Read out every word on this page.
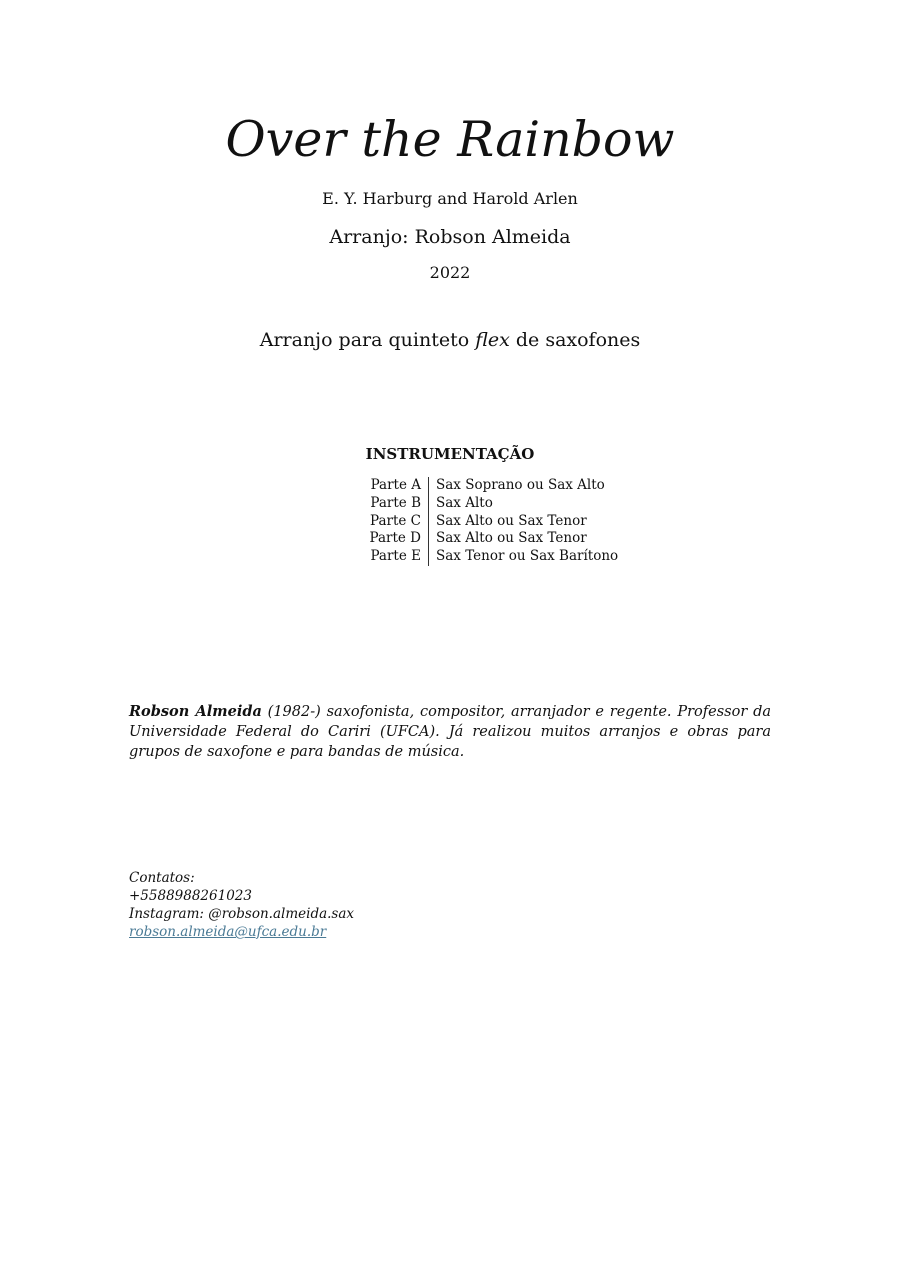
Over the Rainbow
E. Y. Harburg and Harold Arlen
Arranjo: Robson Almeida
2022
Arranjo para quinteto flex de saxofones
INSTRUMENTAÇÃO
Parte A	Sax Soprano ou Sax Alto
Parte B	Sax Alto
Parte C	Sax Alto ou Sax Tenor
Parte D	Sax Alto ou Sax Tenor
Parte E	Sax Tenor ou Sax Barítono
Robson Almeida (1982-) saxofonista, compositor, arranjador e regente. Professor da Universidade Federal do Cariri (UFCA). Já realizou muitos arranjos e obras para grupos de saxofone e para bandas de música.
Contatos:
+5588988261023
Instagram: @robson.almeida.sax
robson.almeida@ufca.edu.br
